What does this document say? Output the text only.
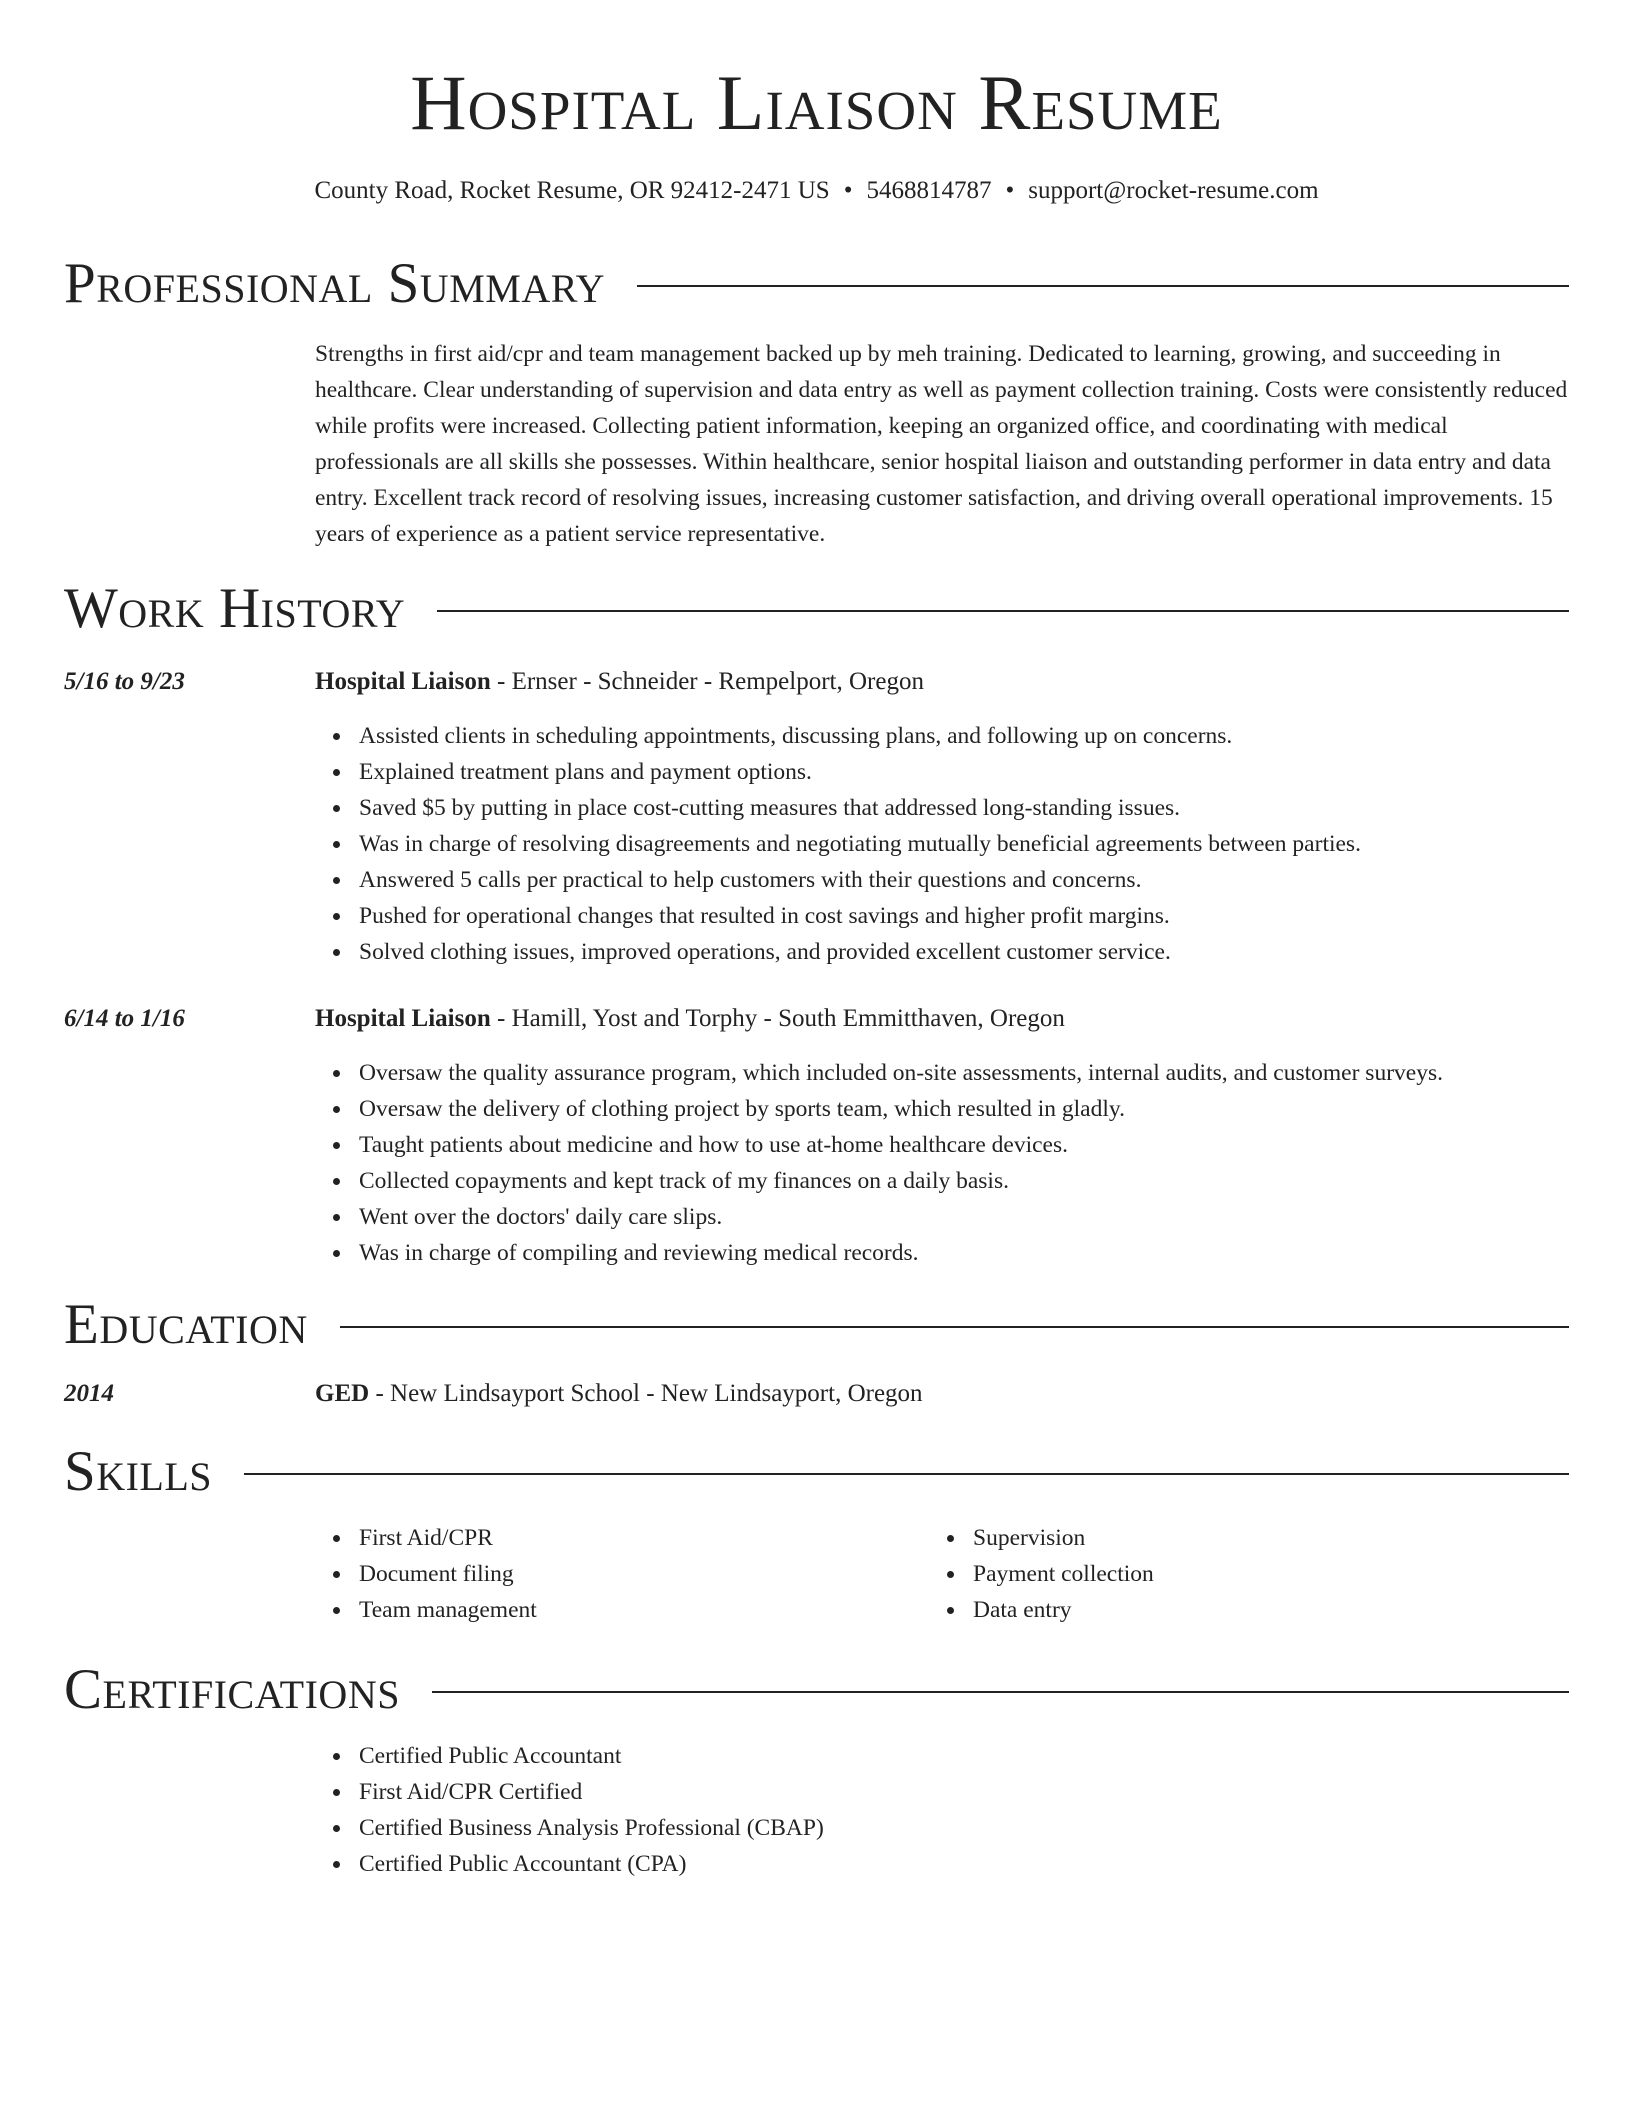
Hospital Liaison Resume
County Road, Rocket Resume, OR 92412-2471 US • 5468814787 • support@rocket-resume.com
Professional Summary
Strengths in first aid/cpr and team management backed up by meh training. Dedicated to learning, growing, and succeeding in healthcare. Clear understanding of supervision and data entry as well as payment collection training. Costs were consistently reduced while profits were increased. Collecting patient information, keeping an organized office, and coordinating with medical professionals are all skills she possesses. Within healthcare, senior hospital liaison and outstanding performer in data entry and data entry. Excellent track record of resolving issues, increasing customer satisfaction, and driving overall operational improvements. 15 years of experience as a patient service representative.
Work History
5/16 to 9/23	Hospital Liaison - Ernser - Schneider - Rempelport, Oregon
Assisted clients in scheduling appointments, discussing plans, and following up on concerns.
Explained treatment plans and payment options.
Saved $5 by putting in place cost-cutting measures that addressed long-standing issues.
Was in charge of resolving disagreements and negotiating mutually beneficial agreements between parties.
Answered 5 calls per practical to help customers with their questions and concerns.
Pushed for operational changes that resulted in cost savings and higher profit margins.
Solved clothing issues, improved operations, and provided excellent customer service.
6/14 to 1/16	Hospital Liaison - Hamill, Yost and Torphy - South Emmitthaven, Oregon
Oversaw the quality assurance program, which included on-site assessments, internal audits, and customer surveys.
Oversaw the delivery of clothing project by sports team, which resulted in gladly.
Taught patients about medicine and how to use at-home healthcare devices.
Collected copayments and kept track of my finances on a daily basis.
Went over the doctors' daily care slips.
Was in charge of compiling and reviewing medical records.
Education
2014	GED - New Lindsayport School - New Lindsayport, Oregon
Skills
First Aid/CPR
Document filing
Team management
Supervision
Payment collection
Data entry
Certifications
Certified Public Accountant
First Aid/CPR Certified
Certified Business Analysis Professional (CBAP)
Certified Public Accountant (CPA)
